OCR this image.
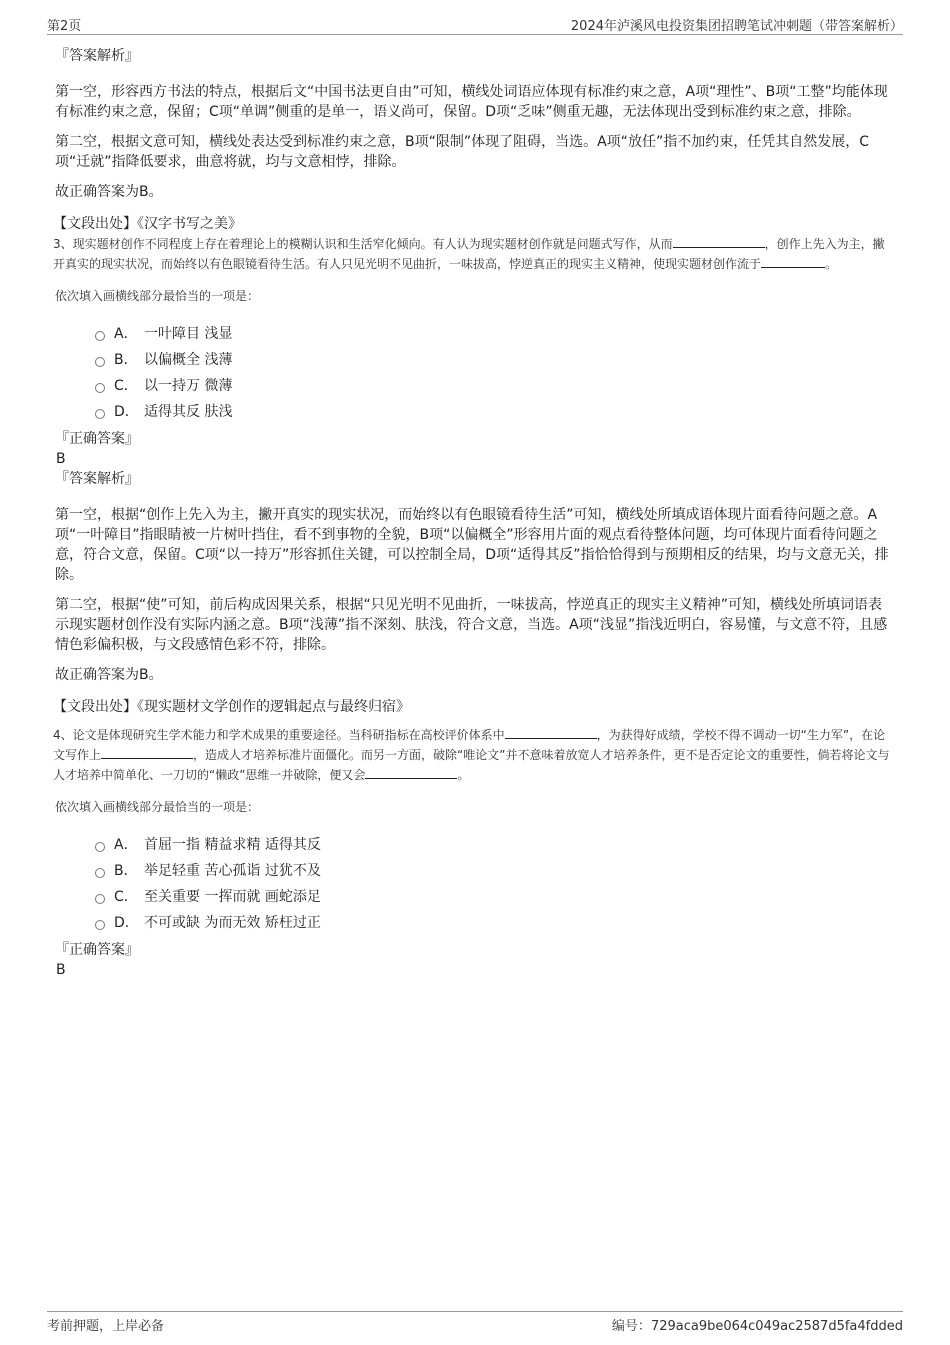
第2页	2024年泸溪风电投资集团招聘笔试冲刺题（带答案解析）

『答案解析』

第一空，形容西方书法的特点，根据后文“中国书法更自由”可知，横线处词语应体现有标准约束之意，A项“理性”、B项“工整”均能体现有标准约束之意，保留；C项“单调”侧重的是单一，语义尚可，保留。D项“乏味”侧重无趣，无法体现出受到标准约束之意，排除。

第二空，根据文意可知，横线处表达受到标准约束之意，B项“限制”体现了阻碍，当选。A项“放任”指不加约束，任凭其自然发展，C项“迁就”指降低要求，曲意将就，均与文意相悖，排除。

故正确答案为B。

【文段出处】《汉字书写之美》

3、现实题材创作不同程度上存在着理论上的模糊认识和生活窄化倾向。有人认为现实题材创作就是问题式写作，从而	，创作上先入为主，撇开真实的现实状况，而始终以有色眼镜看待生活。有人只见光明不见曲折，一味拔高，悖逆真正的现实主义精神，使现实题材创作流于	。

依次填入画横线部分最恰当的一项是：

A． 一叶障目 浅显
B． 以偏概全 浅薄
C． 以一持万 微薄
D． 适得其反 肤浅

『正确答案』

B

『答案解析』

第一空，根据“创作上先入为主，撇开真实的现实状况，而始终以有色眼镜看待生活”可知，横线处所填成语体现片面看待问题之意。A项“一叶障目”指眼睛被一片树叶挡住，看不到事物的全貌，B项“以偏概全”形容用片面的观点看待整体问题，均可体现片面看待问题之意，符合文意，保留。C项“以一持万”形容抓住关键，可以控制全局，D项“适得其反”指恰恰得到与预期相反的结果，均与文意无关，排除。

第二空，根据“使”可知，前后构成因果关系，根据“只见光明不见曲折，一味拔高，悖逆真正的现实主义精神”可知，横线处所填词语表示现实题材创作没有实际内涵之意。B项“浅薄”指不深刻、肤浅，符合文意，当选。A项“浅显”指浅近明白，容易懂，与文意不符，且感情色彩偏积极，与文段感情色彩不符，排除。

故正确答案为B。

【文段出处】《现实题材文学创作的逻辑起点与最终归宿》

4、论文是体现研究生学术能力和学术成果的重要途径。当科研指标在高校评价体系中	，为获得好成绩，学校不得不调动一切“生力军”，在论文写作上	，造成人才培养标准片面僵化。而另一方面，破除“唯论文”并不意味着放宽人才培养条件，更不是否定论文的重要性，倘若将论文与人才培养中简单化、一刀切的“懒政”思维一并破除，便又会	。

依次填入画横线部分最恰当的一项是：

A． 首屈一指 精益求精 适得其反
B． 举足轻重 苦心孤诣 过犹不及
C． 至关重要 一挥而就 画蛇添足
D． 不可或缺 为而无效 矫枉过正

『正确答案』

B

考前押题，上岸必备	编号：729aca9be064c049ac2587d5fa4fdded
